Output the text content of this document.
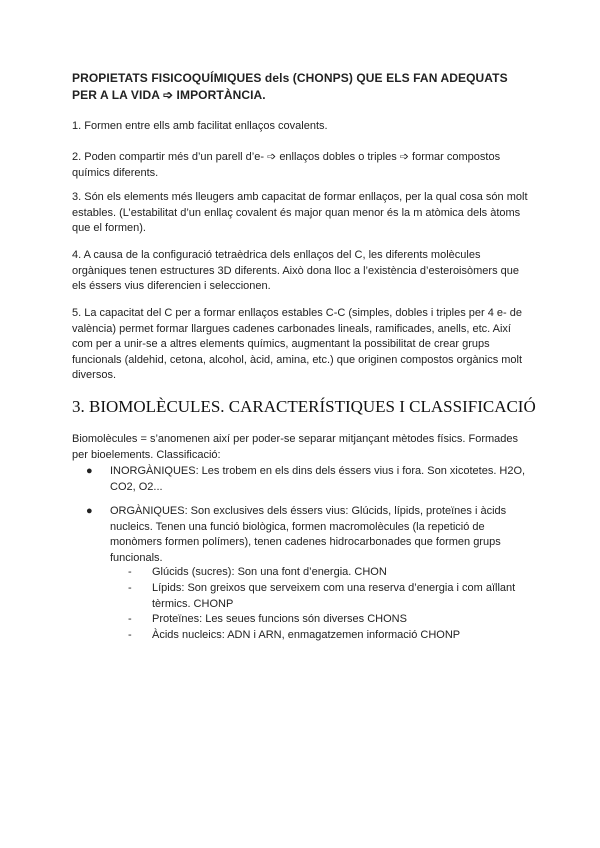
PROPIETATS FISICOQUÍMIQUES dels (CHONPS) QUE ELS FAN ADEQUATS PER A LA VIDA ➩ IMPORTÀNCIA.

1. Formen entre ells amb facilitat enllaços covalents.

2. Poden compartir més d’un parell d’e- ➩ enllaços dobles o triples ➩ formar compostos químics diferents.

3. Són els elements més lleugers amb capacitat de formar enllaços, per la qual cosa són molt estables. (L’estabilitat d’un enllaç covalent és major quan menor és la m atòmica dels àtoms que el formen).

4. A causa de la configuració tetraèdrica dels enllaços del C, les diferents molècules orgàniques tenen estructures 3D diferents. Això dona lloc a l’existència d’esteroisòmers que els éssers vius diferencien i seleccionen.

5. La capacitat del C per a formar enllaços estables C-C (simples, dobles i triples per 4 e- de valència) permet formar llargues cadenes carbonades lineals, ramificades, anells, etc. Així com per a unir-se a altres elements químics, augmentant la possibilitat de crear grups funcionals (aldehid, cetona, alcohol, àcid, amina, etc.) que originen compostos orgànics molt diversos.

3. BIOMOLÈCULES. CARACTERÍSTIQUES I CLASSIFICACIÓ

Biomolècules = s’anomenen així per poder-se separar mitjançant mètodes físics. Formades per bioelements. Classificació:

● INORGÀNIQUES: Les trobem en els dins dels éssers vius i fora. Son xicotetes. H2O, CO2, O2...
● ORGÀNIQUES: Son exclusives dels éssers vius: Glúcids, lípids, proteïnes i àcids nucleics. Tenen una funció biològica, formen macromolècules (la repetició de monòmers formen polímers), tenen cadenes hidrocarbonades que formen grups funcionals.
- Glúcids (sucres): Son una font d’energia. CHON
- Lípids: Son greixos que serveixem com una reserva d’energia i com aïllant tèrmics. CHONP
- Proteïnes: Les seues funcions són diverses CHONS
- Àcids nucleics: ADN i ARN, enmagatzemen informació CHONP
